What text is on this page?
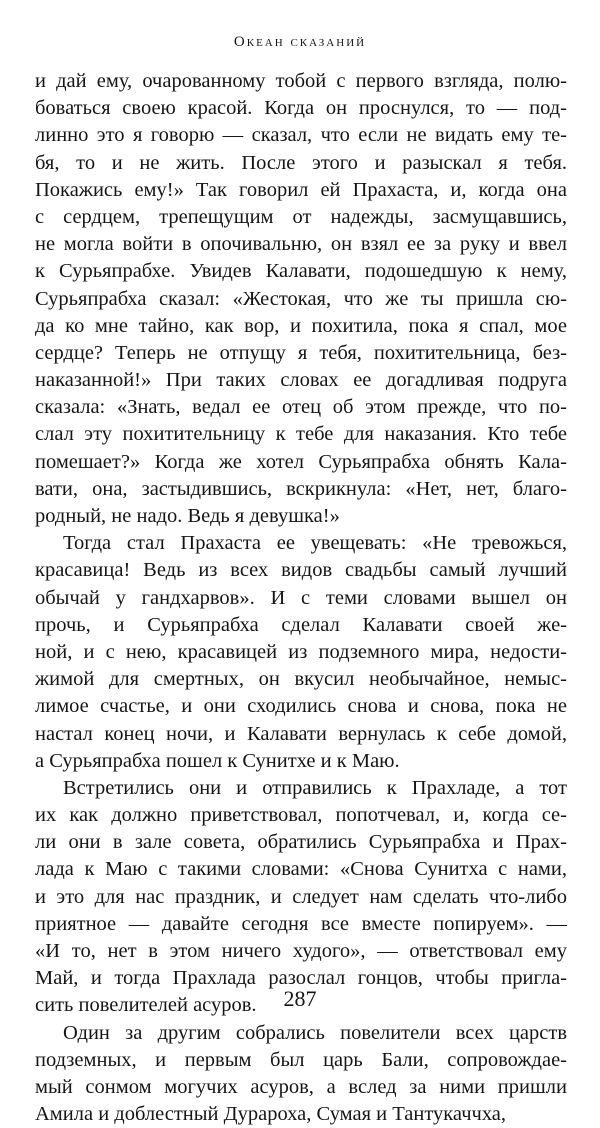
Океан сказаний
и дай ему, очарованному тобой с первого взгляда, полю-
боваться своею красой. Когда он проснулся, то — под-
линно это я говорю — сказал, что если не видать ему те-
бя, то и не жить. После этого и разыскал я тебя.
Покажись ему!» Так говорил ей Прахаста, и, когда она
с сердцем, трепещущим от надежды, засмущавшись,
не могла войти в опочивальню, он взял ее за руку и ввел
к Сурьяпрабхе. Увидев Калавати, подошедшую к нему,
Сурьяпрабха сказал: «Жестокая, что же ты пришла сю-
да ко мне тайно, как вор, и похитила, пока я спал, мое
сердце? Теперь не отпущу я тебя, похитительница, без-
наказанной!» При таких словах ее догадливая подруга
сказала: «Знать, ведал ее отец об этом прежде, что по-
слал эту похитительницу к тебе для наказания. Кто тебе
помешает?» Когда же хотел Сурьяпрабха обнять Кала-
вати, она, застыдившись, вскрикнула: «Нет, нет, благо-
родный, не надо. Ведь я девушка!»
Тогда стал Прахаста ее увещевать: «Не тревожься,
красавица! Ведь из всех видов свадьбы самый лучший
обычай у гандхарвов». И с теми словами вышел он
прочь, и Сурьяпрабха сделал Калавати своей же-
ной, и с нею, красавицей из подземного мира, недости-
жимой для смертных, он вкусил необычайное, немыс-
лимое счастье, и они сходились снова и снова, пока не
настал конец ночи, и Калавати вернулась к себе домой,
а Сурьяпрабха пошел к Сунитхе и к Маю.
Встретились они и отправились к Прахладе, а тот
их как должно приветствовал, попотчевал, и, когда се-
ли они в зале совета, обратились Сурьяпрабха и Прах-
лада к Маю с такими словами: «Снова Сунитха с нами,
и это для нас праздник, и следует нам сделать что-либо
приятное — давайте сегодня все вместе попируем». —
«И то, нет в этом ничего худого», — ответствовал ему
Май, и тогда Прахлада разослал гонцов, чтобы пригла-
сить повелителей асуров.
Один за другим собрались повелители всех царств
подземных, и первым был царь Бали, сопровождае-
мый сонмом могучих асуров, а вслед за ними пришли
Амила и доблестный Дурароха, Сумая и Тантукаччха,
287
